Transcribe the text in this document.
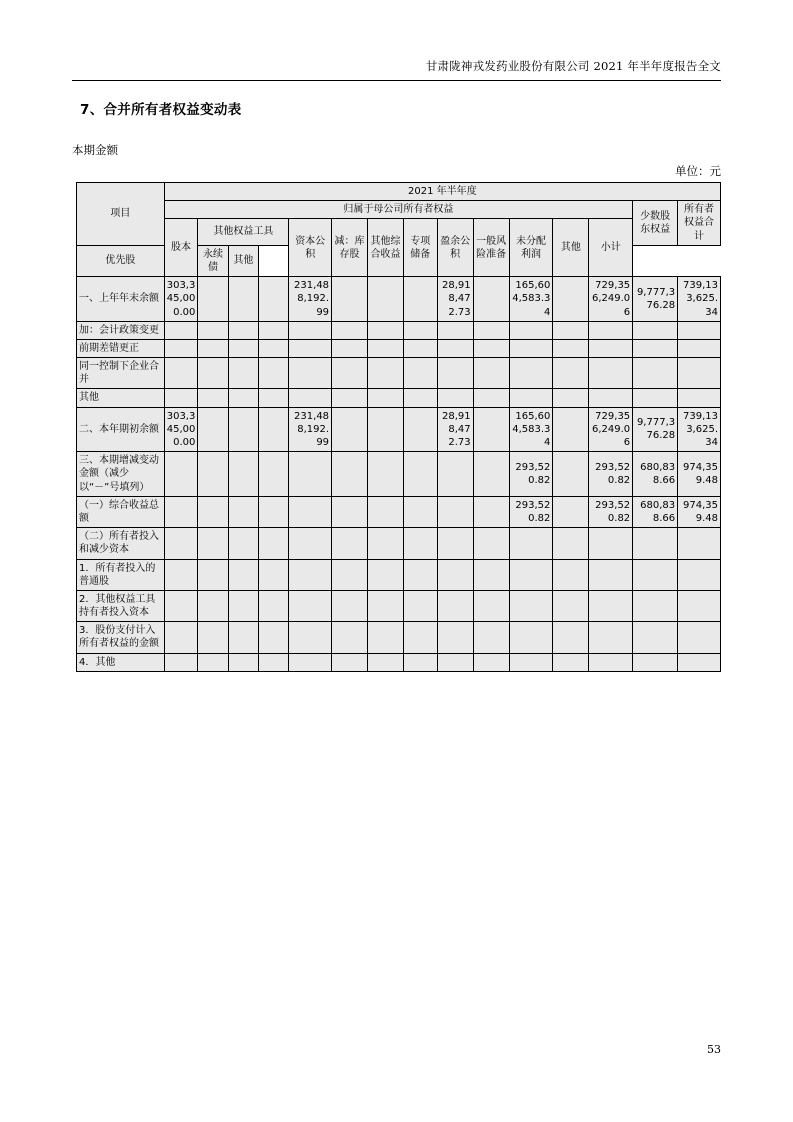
甘肃陇神戎发药业股份有限公司 2021 年半年度报告全文
7、合并所有者权益变动表
本期金额
单位：元
项目	2021 年半年度														
	归属于母公司所有者权益													少数股东权益	所有者权益合计
	股本	其他权益工具			资本公积	减：库存股	其他综合收益	专项储备	盈余公积	一般风险准备	未分配利润	其他	小计		
优先股		永续债	其他												
一、上年年末余额	303,345,000.00				231,488,192.99				28,918,472.73		165,604,583.34		729,356,249.06	9,777,376.28	739,133,625.34
加：会计政策变更															
前期差错更正															
同一控制下企业合并															
其他															
二、本年期初余额	303,345,000.00				231,488,192.99				28,918,472.73		165,604,583.34		729,356,249.06	9,777,376.28	739,133,625.34
三、本期增减变动金额（减少以“－”号填列）											293,520.82		293,520.82	680,838.66	974,359.48
（一）综合收益总额											293,520.82		293,520.82	680,838.66	974,359.48
（二）所有者投入和减少资本															
1．所有者投入的普通股															
2．其他权益工具持有者投入资本															
3．股份支付计入所有者权益的金额															
4．其他															
53
